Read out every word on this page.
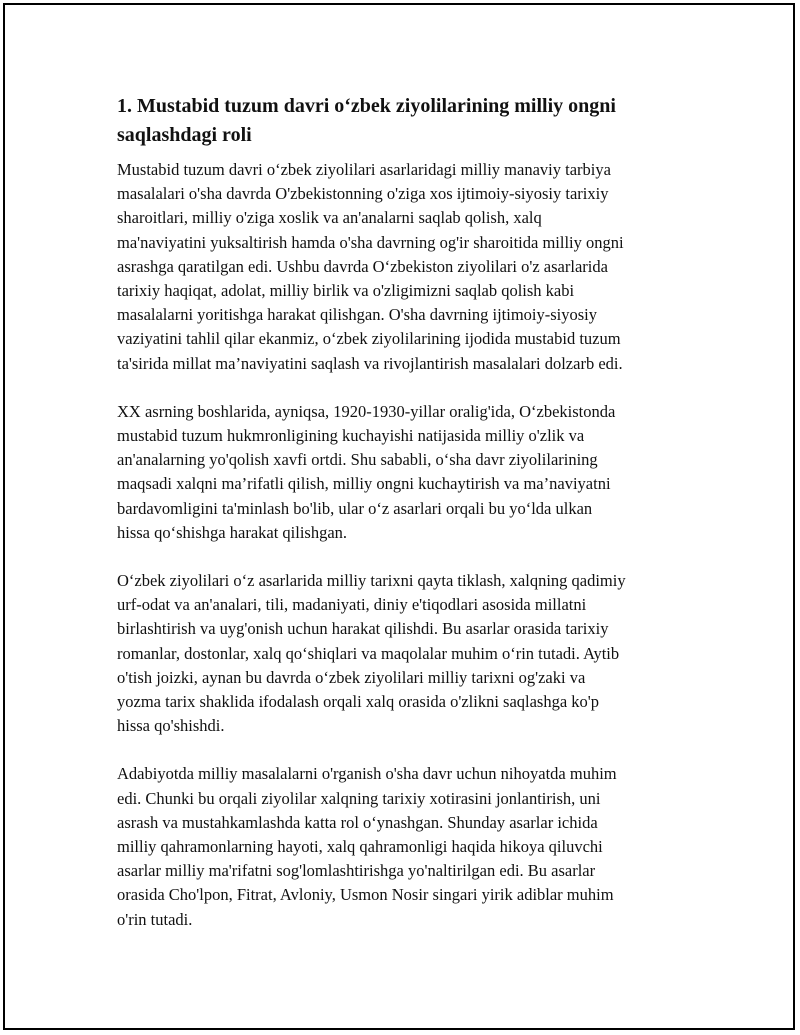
1. Mustabid tuzum davri o‘zbek ziyolilarining milliy ongni
saqlashdagi roli

Mustabid tuzum davri o‘zbek ziyolilari asarlaridagi milliy manaviy tarbiya
masalalari o'sha davrda O'zbekistonning o'ziga xos ijtimoiy-siyosiy tarixiy
sharoitlari, milliy o'ziga xoslik va an'analarni saqlab qolish, xalq
ma'naviyatini yuksaltirish hamda o'sha davrning og'ir sharoitida milliy ongni
asrashga qaratilgan edi. Ushbu davrda O‘zbekiston ziyolilari o'z asarlarida
tarixiy haqiqat, adolat, milliy birlik va o'zligimizni saqlab qolish kabi
masalalarni yoritishga harakat qilishgan. O'sha davrning ijtimoiy-siyosiy
vaziyatini tahlil qilar ekanmiz, o‘zbek ziyolilarining ijodida mustabid tuzum
ta'sirida millat ma’naviyatini saqlash va rivojlantirish masalalari dolzarb edi.

XX asrning boshlarida, ayniqsa, 1920-1930-yillar oralig'ida, O‘zbekistonda
mustabid tuzum hukmronligining kuchayishi natijasida milliy o'zlik va
an'analarning yo'qolish xavfi ortdi. Shu sababli, o‘sha davr ziyolilarining
maqsadi xalqni ma’rifatli qilish, milliy ongni kuchaytirish va ma’naviyatni
bardavomligini ta'minlash bo'lib, ular o‘z asarlari orqali bu yo‘lda ulkan
hissa qo‘shishga harakat qilishgan.

O‘zbek ziyolilari o‘z asarlarida milliy tarixni qayta tiklash, xalqning qadimiy
urf-odat va an'analari, tili, madaniyati, diniy e'tiqodlari asosida millatni
birlashtirish va uyg'onish uchun harakat qilishdi. Bu asarlar orasida tarixiy
romanlar, dostonlar, xalq qo‘shiqlari va maqolalar muhim o‘rin tutadi. Aytib
o'tish joizki, aynan bu davrda o‘zbek ziyolilari milliy tarixni og'zaki va
yozma tarix shaklida ifodalash orqali xalq orasida o'zlikni saqlashga ko'p
hissa qo'shishdi.

Adabiyotda milliy masalalarni o'rganish o'sha davr uchun nihoyatda muhim
edi. Chunki bu orqali ziyolilar xalqning tarixiy xotirasini jonlantirish, uni
asrash va mustahkamlashda katta rol o‘ynashgan. Shunday asarlar ichida
milliy qahramonlarning hayoti, xalq qahramonligi haqida hikoya qiluvchi
asarlar milliy ma'rifatni sog'lomlashtirishga yo'naltirilgan edi. Bu asarlar
orasida Cho'lpon, Fitrat, Avloniy, Usmon Nosir singari yirik adiblar muhim
o'rin tutadi.
